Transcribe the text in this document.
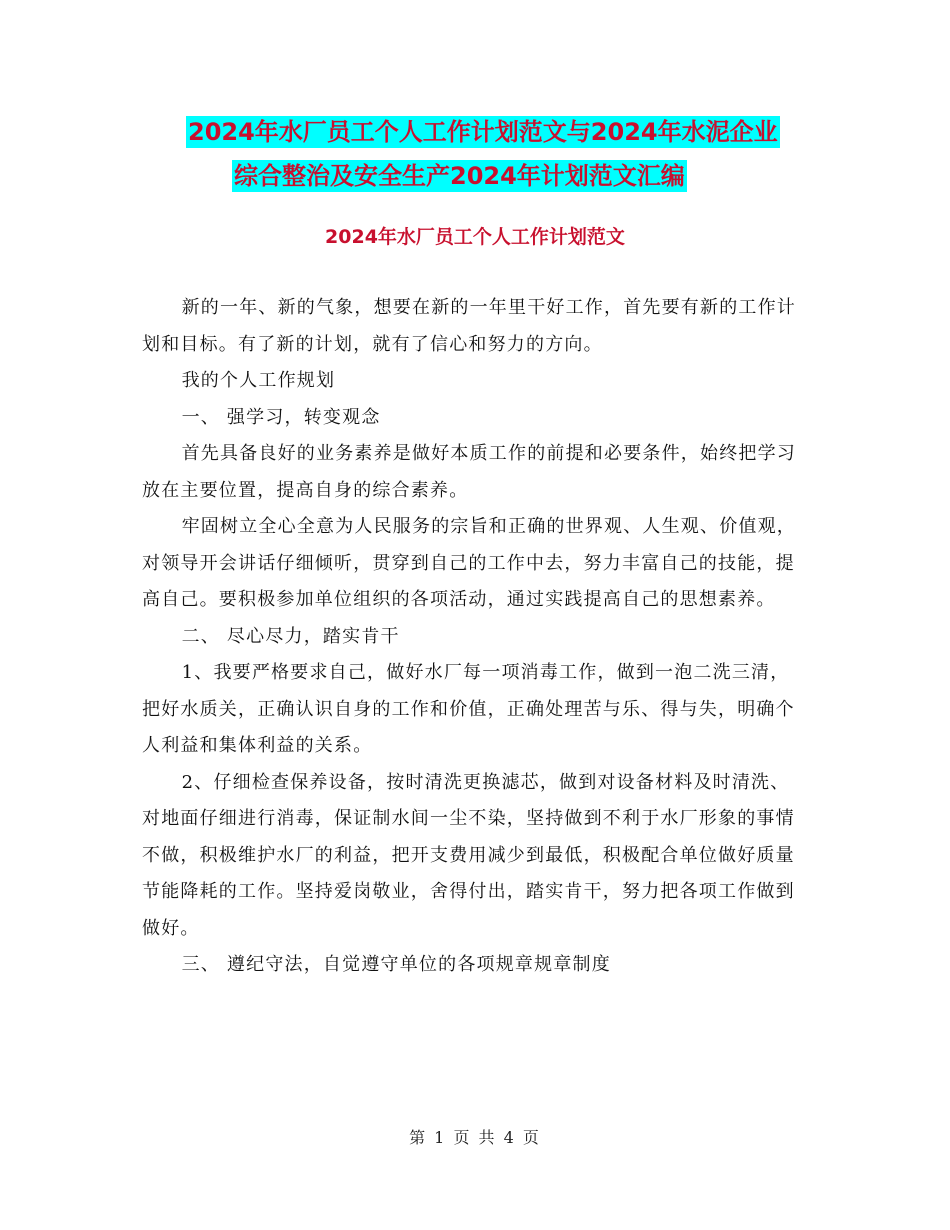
2024年水厂员工个人工作计划范文与2024年水泥企业
综合整治及安全生产2024年计划范文汇编
2024年水厂员工个人工作计划范文

新的一年、新的气象，想要在新的一年里干好工作，首先要有新的工作计划和目标。有了新的计划，就有了信心和努力的方向。

我的个人工作规划

一、 强学习，转变观念

首先具备良好的业务素养是做好本质工作的前提和必要条件，始终把学习放在主要位置，提高自身的综合素养。

牢固树立全心全意为人民服务的宗旨和正确的世界观、人生观、价值观，对领导开会讲话仔细倾听，贯穿到自己的工作中去，努力丰富自己的技能，提高自己。要积极参加单位组织的各项活动，通过实践提高自己的思想素养。

二、 尽心尽力，踏实肯干

1、我要严格要求自己，做好水厂每一项消毒工作，做到一泡二洗三清，把好水质关，正确认识自身的工作和价值，正确处理苦与乐、得与失，明确个人利益和集体利益的关系。

2、仔细检查保养设备，按时清洗更换滤芯，做到对设备材料及时清洗、对地面仔细进行消毒，保证制水间一尘不染，坚持做到不利于水厂形象的事情不做，积极维护水厂的利益，把开支费用减少到最低，积极配合单位做好质量节能降耗的工作。坚持爱岗敬业，舍得付出，踏实肯干，努力把各项工作做到做好。

三、 遵纪守法，自觉遵守单位的各项规章规章制度

第 1 页 共 4 页
